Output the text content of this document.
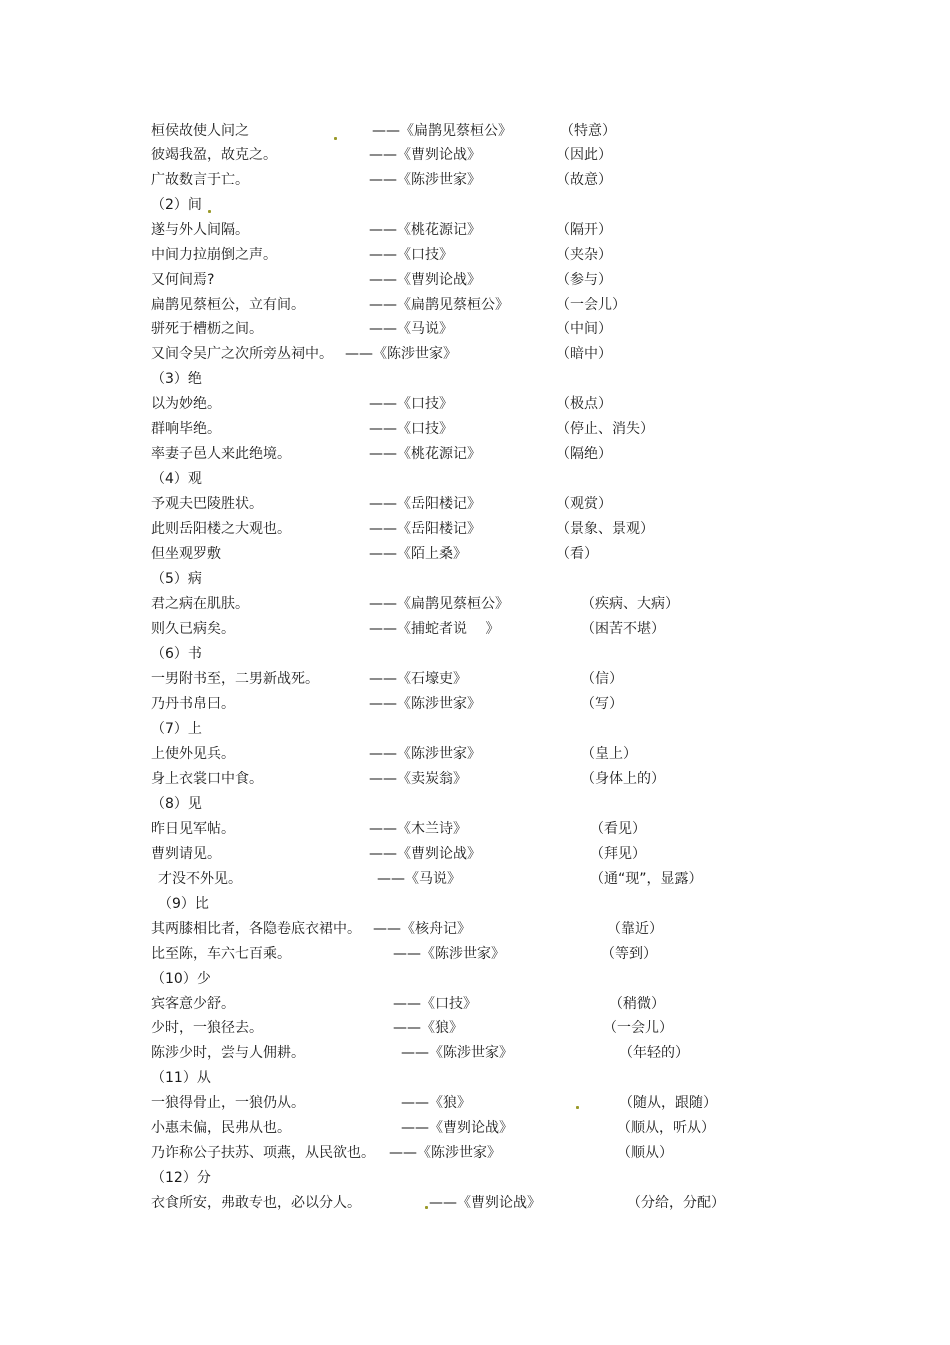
桓侯故使人问之	——《扁鹊见蔡桓公》	（特意）
彼竭我盈，故克之。	——《曹刿论战》	（因此）
广故数言于亡。	——《陈涉世家》	（故意）
（2）间
遂与外人间隔。	——《桃花源记》	（隔开）
中间力拉崩倒之声。	——《口技》	（夹杂）
又何间焉?	——《曹刿论战》	（参与）
扁鹊见蔡桓公，立有间。	——《扁鹊见蔡桓公》	（一会儿）
骈死于槽枥之间。	——《马说》	（中间）
又间令吴广之次所旁丛祠中。 ——《陈涉世家》	（暗中）
（3）绝
以为妙绝。	——《口技》	（极点）
群响毕绝。	——《口技》	（停止、消失）
率妻子邑人来此绝境。	——《桃花源记》	（隔绝）
（4）观
予观夫巴陵胜状。	——《岳阳楼记》	（观赏）
此则岳阳楼之大观也。	——《岳阳楼记》	（景象、景观）
但坐观罗敷	——《陌上桑》	（看）
（5）病
君之病在肌肤。	——《扁鹊见蔡桓公》	（疾病、大病）
则久已病矣。	——《捕蛇者说　 》	（困苦不堪）
（6）书
一男附书至，二男新战死。	——《石壕吏》	（信）
乃丹书帛曰。	——《陈涉世家》	（写）
（7）上
上使外见兵。	——《陈涉世家》	（皇上）
身上衣裳口中食。	——《卖炭翁》	（身体上的）
（8）见
昨日见军帖。	——《木兰诗》	（看见）
曹刿请见。	——《曹刿论战》	（拜见）
才没不外见。	——《马说》	（通“现”，显露）
（9）比
其两膝相比者，各隐卷底衣裙中。 ——《核舟记》	（靠近）
比至陈，车六七百乘。	——《陈涉世家》	（等到）
（10）少
宾客意少舒。	——《口技》	（稍微）
少时，一狼径去。	——《狼》	（一会儿）
陈涉少时，尝与人佣耕。	——《陈涉世家》	（年轻的）
（11）从
一狼得骨止，一狼仍从。	——《狼》	（随从，跟随）
小惠未偏，民弗从也。	——《曹刿论战》	（顺从，听从）
乃诈称公子扶苏、项燕，从民欲也。 ——《陈涉世家》	（顺从）
（12）分
衣食所安，弗敢专也，必以分人。	——《曹刿论战》	（分给，分配）
